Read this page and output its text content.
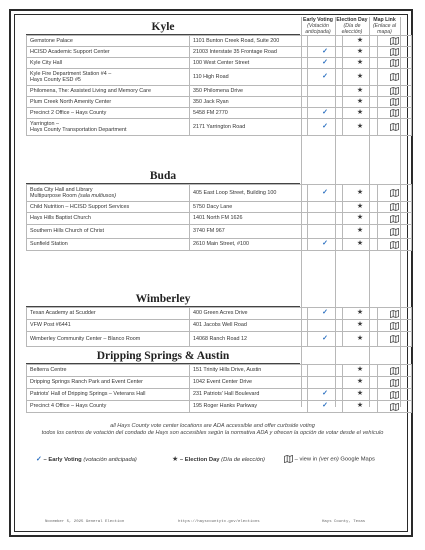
Early Voting
(Votación anticipada)
Election Day
(Día de elección)
Map Link
(Enlace al mapa)
Kyle
Gemstone Palace	1101 Bunton Creek Road, Suite 200		★	
HCISD Academic Support Center	21003 Interstate 35 Frontage Road	✓	★	
Kyle City Hall	100 West Center Street	✓	★	
Kyle Fire Department Station #4 –
Hays County ESD #5	110 High Road	✓	★	
Philomena, The: Assisted Living and Memory Care	350 Philomena Drive		★	
Plum Creek North Amenity Center	350 Jack Ryan		★	
Precinct 2 Office – Hays County	5458 FM 2770	✓	★	
Yarrington –
Hays County Transportation Department	2171 Yarrington Road	✓	★	
Buda
Buda City Hall and Library
Multipurpose Room (sala multiusos)	405 East Loop Street, Building 100	✓	★	
Child Nutrition – HCISD Support Services	5750 Dacy Lane		★	
Hays Hills Baptist Church	1401 North FM 1626		★	
Southern Hills Church of Christ	3740 FM 967		★	
Sunfield Station	2610 Main Street, #100	✓	★	
Wimberley
Texan Academy at Scudder	400 Green Acres Drive	✓	★	
VFW Post #6441	401 Jacobs Well Road		★	
Wimberley Community Center – Blanco Room	14068 Ranch Road 12	✓	★	
Dripping Springs & Austin
Belterra Centre	151 Trinity Hills Drive, Austin		★	
Dripping Springs Ranch Park and Event Center	1042 Event Center Drive		★	
Patriots' Hall of Dripping Springs – Veterans Hall	231 Patriots' Hall Boulevard	✓	★	
Precinct 4 Office – Hays County	195 Roger Hanks Parkway	✓	★	
all Hays County vote center locations are ADA accessible and offer curbside voting
todos los centros de votación del condado de Hays son accesibles según la normativa ADA y ofrecen la opción de votar desde el vehículo
✓ – Early Voting (votación anticipada)	★ – Election Day (Día de elección)	– view in (ver en) Google Maps
November 5, 2025 General Election	https://hayscountytx.gov/elections	Hays County, Texas
